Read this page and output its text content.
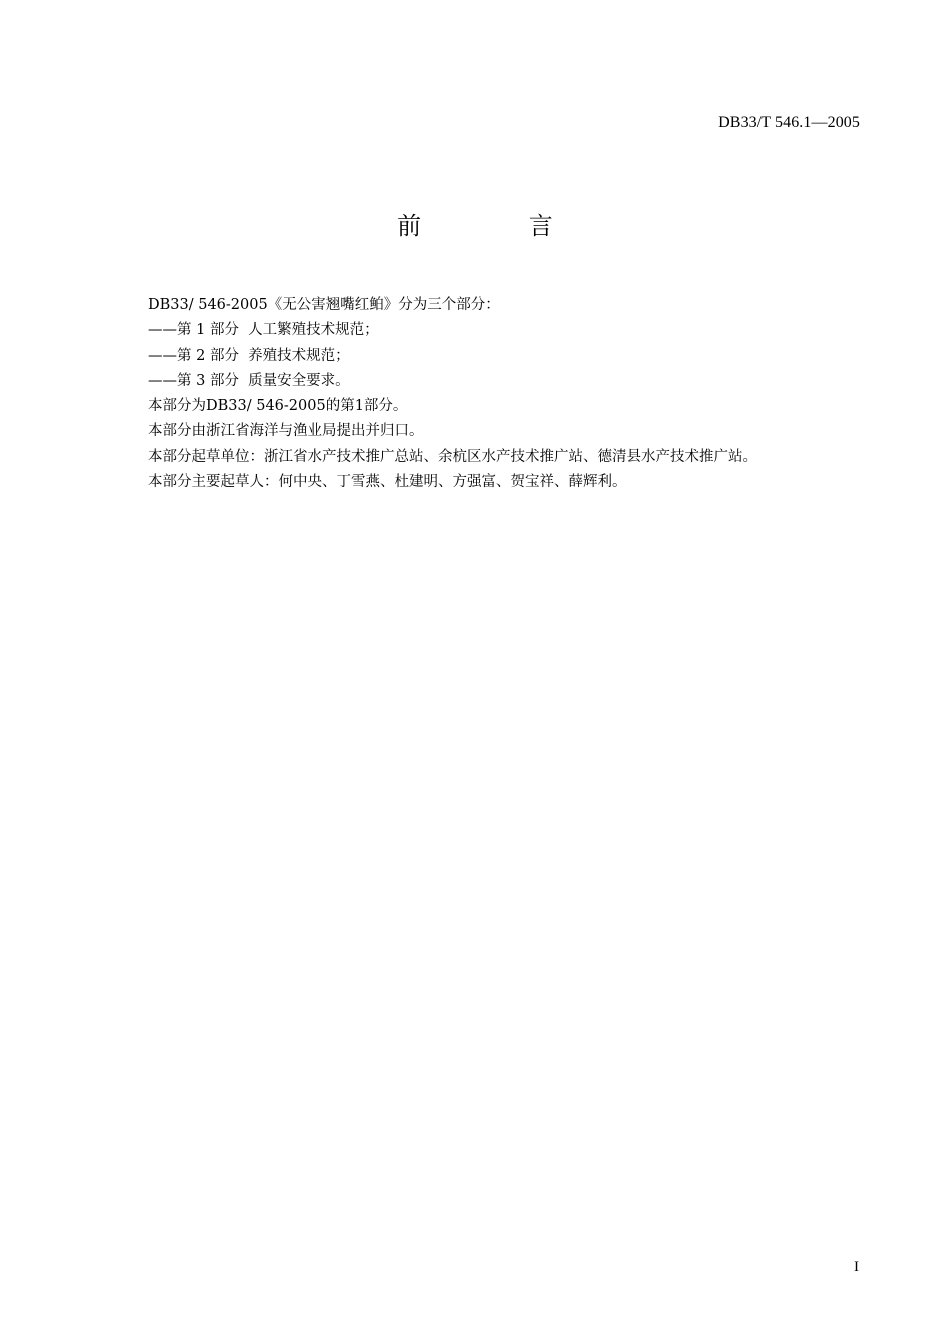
DB33/T 546.1—2005
前 言

DB33/ 546-2005《无公害翘嘴红鲌》分为三个部分：

——第 1 部分  人工繁殖技术规范；

——第 2 部分  养殖技术规范；

——第 3 部分  质量安全要求。

本部分为DB33/ 546-2005的第1部分。

本部分由浙江省海洋与渔业局提出并归口。

本部分起草单位：浙江省水产技术推广总站、余杭区水产技术推广站、德清县水产技术推广站。

本部分主要起草人：何中央、丁雪燕、杜建明、方强富、贺宝祥、薛辉利。

I
